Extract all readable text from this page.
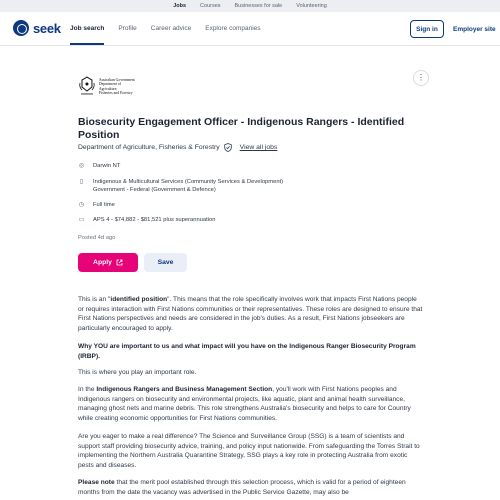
Jobs	Courses	Businesses for sale	Volunteering
seek Job search Profile Career advice Explore companies	Sign in	Employer site
Australian Government
Department of Agriculture,
Fisheries and Forestry
⋮
Biosecurity Engagement Officer - Indigenous Rangers - Identified Position
Department of Agriculture, Fisheries & Forestry	View all jobs
◎ Darwin NT
▯	Indigenous & Multicultural Services (Community Services & Development)
Government - Federal (Government & Defence)
◷ Full time
▭ APS 4 - $74,882 - $81,521 plus superannuation
Posted 4d ago
Apply	Save
This is an "identified position". This means that the role specifically involves work that impacts First Nations people or requires interaction with First Nations communities or their representatives. These roles are designed to ensure that First Nations perspectives and needs are considered in the job's duties. As a result, First Nations jobseekers are particularly encouraged to apply.
Why YOU are important to us and what impact will you have on the Indigenous Ranger Biosecurity Program (IRBP).
This is where you play an important role.
In the Indigenous Rangers and Business Management Section, you'll work with First Nations peoples and Indigenous rangers on biosecurity and environmental projects, like aquatic, plant and animal health surveillance, managing ghost nets and marine debris. This role strengthens Australia's biosecurity and helps to care for Country while creating economic opportunities for First Nations communities.
Are you eager to make a real difference? The Science and Surveillance Group (SSG) is a team of scientists and support staff providing biosecurity advice, training, and policy input nationwide. From safeguarding the Torres Strait to implementing the Northern Australia Quarantine Strategy, SSG plays a key role in protecting Australia from exotic pests and diseases.
Please note that the merit pool established through this selection process, which is valid for a period of eighteen months from the date the vacancy was advertised in the Public Service Gazette, may also be
